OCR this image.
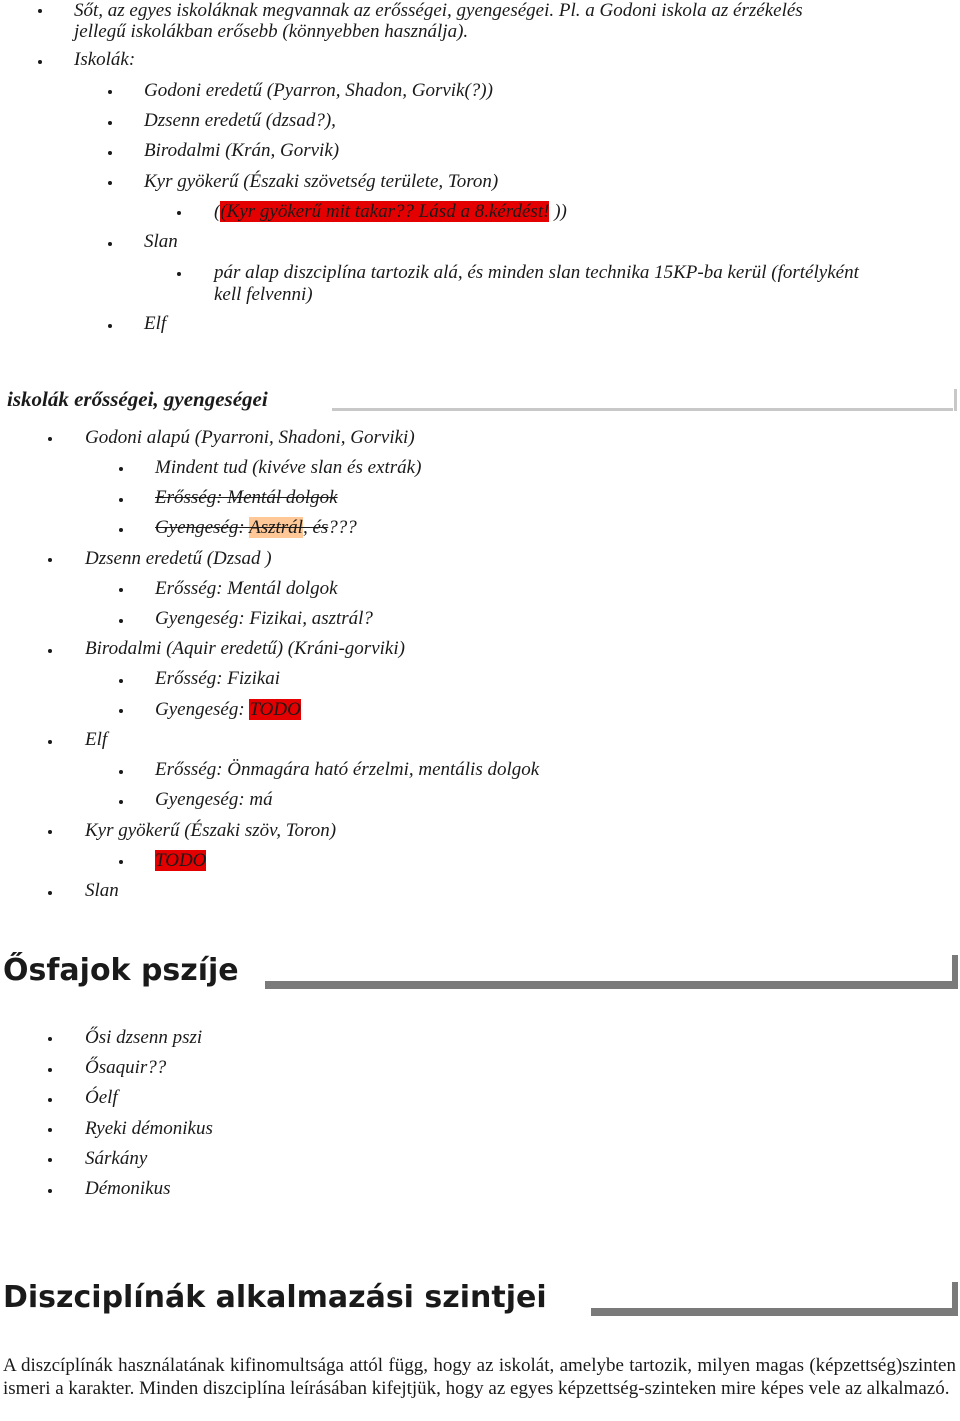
Sőt, az egyes iskoláknak megvannak az erősségei, gyengeségei. Pl. a Godoni iskola az érzékelés
jellegű iskolákban erősebb (könnyebben használja).
Iskolák:
Godoni eredetű (Pyarron, Shadon, Gorvik(?))
Dzsenn eredetű (dzsad?),
Birodalmi (Krán, Gorvik)
Kyr gyökerű (Északi szövetség területe, Toron)
((Kyr gyökerű mit takar?? Lásd a 8.kérdést! ))
Slan
pár alap diszciplína tartozik alá, és minden slan technika 15KP-ba kerül (fortélyként
kell felvenni)
Elf
iskolák erősségei, gyengeségei
Godoni alapú (Pyarroni, Shadoni, Gorviki)
Mindent tud (kivéve slan és extrák)
Erősség: Mentál dolgok
Gyengeség: Asztrál, és???
Dzsenn eredetű (Dzsad )
Erősség: Mentál dolgok
Gyengeség: Fizikai, asztrál?
Birodalmi (Aquir eredetű) (Kráni-gorviki)
Erősség: Fizikai
Gyengeség: TODO
Elf
Erősség: Önmagára ható érzelmi, mentális dolgok
Gyengeség: má
Kyr gyökerű (Északi szöv, Toron)
TODO
Slan
Ősfajok pszíje
Ősi dzsenn pszi
Ősaquir??
Óelf
Ryeki démonikus
Sárkány
Démonikus
Diszciplínák alkalmazási szintjei
A diszcíplínák használatának kifinomultsága attól függ, hogy az iskolát, amelybe tartozik, milyen magas (képzettség)szinten ismeri a karakter. Minden diszciplína leírásában kifejtjük, hogy az egyes képzettség-szinteken mire képes vele az alkalmazó.
